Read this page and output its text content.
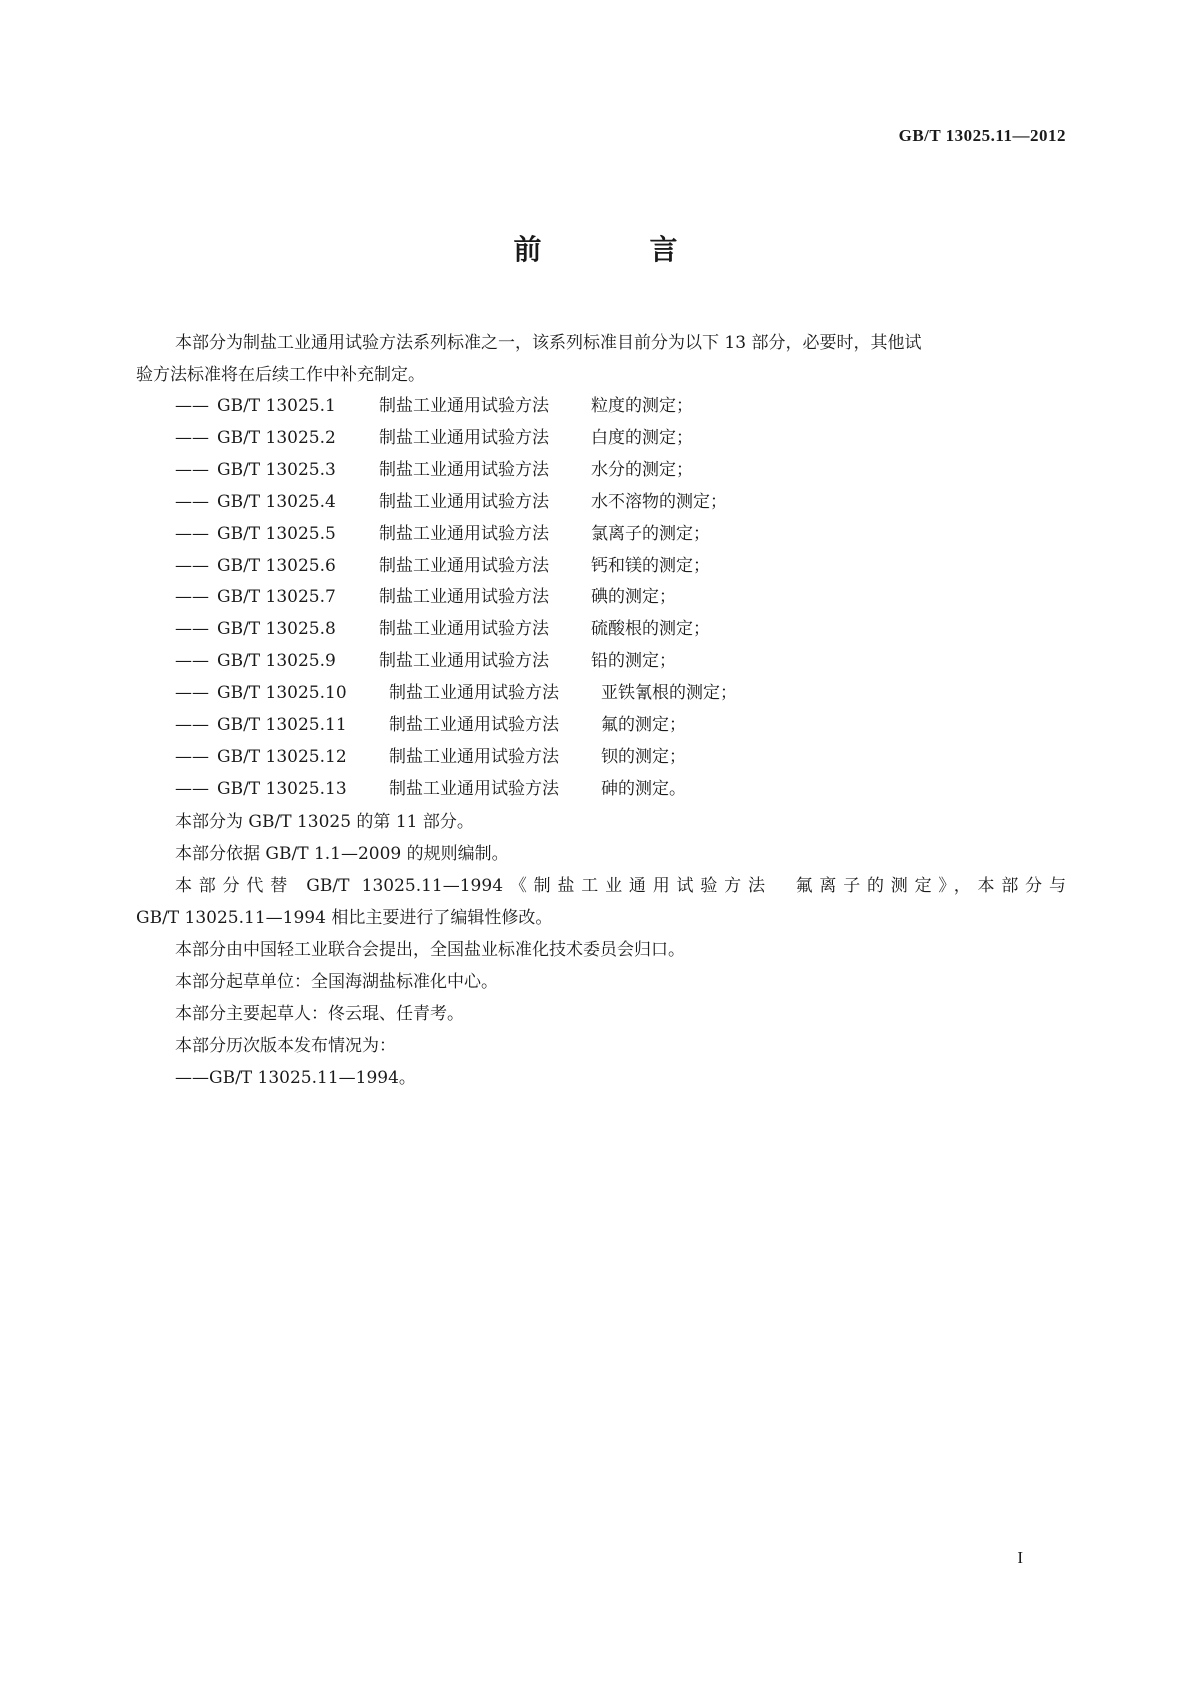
GB/T 13025.11—2012
前　言

本部分为制盐工业通用试验方法系列标准之一，该系列标准目前分为以下 13 部分，必要时，其他试

验方法标准将在后续工作中补充制定。

—— GB/T 13025.1	制盐工业通用试验方法 粒度的测定；
—— GB/T 13025.2	制盐工业通用试验方法 白度的测定；
—— GB/T 13025.3	制盐工业通用试验方法 水分的测定；
—— GB/T 13025.4	制盐工业通用试验方法 水不溶物的测定；
—— GB/T 13025.5	制盐工业通用试验方法 氯离子的测定；
—— GB/T 13025.6	制盐工业通用试验方法 钙和镁的测定；
—— GB/T 13025.7	制盐工业通用试验方法 碘的测定；
—— GB/T 13025.8	制盐工业通用试验方法 硫酸根的测定；
—— GB/T 13025.9	制盐工业通用试验方法 铅的测定；
—— GB/T 13025.10 制盐工业通用试验方法 亚铁氰根的测定；
—— GB/T 13025.11 制盐工业通用试验方法 氟的测定；
—— GB/T 13025.12 制盐工业通用试验方法 钡的测定；
—— GB/T 13025.13 制盐工业通用试验方法 砷的测定。

本部分为 GB/T 13025 的第 11 部分。

本部分依据 GB/T 1.1—2009 的规则编制。

本部分代替 GB/T 13025.11—1994《制盐工业通用试验方法　氟离子的测定》，本部分与

GB/T 13025.11—1994 相比主要进行了编辑性修改。

本部分由中国轻工业联合会提出，全国盐业标准化技术委员会归口。

本部分起草单位：全国海湖盐标准化中心。

本部分主要起草人：佟云琨、任青考。

本部分历次版本发布情况为：

——GB/T 13025.11—1994。

I
